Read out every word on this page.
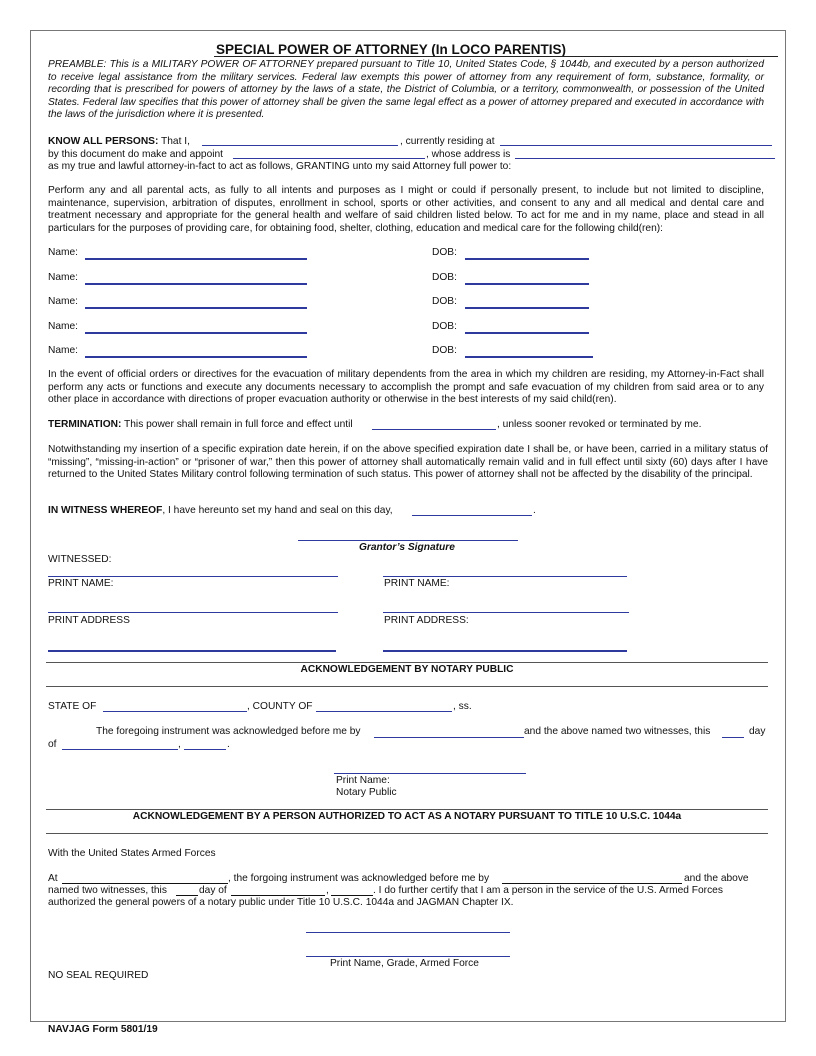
SPECIAL POWER OF ATTORNEY (In LOCO PARENTIS)
PREAMBLE: This is a MILITARY POWER OF ATTORNEY prepared pursuant to Title 10, United States Code, § 1044b, and executed by a person authorized to receive legal assistance from the military services. Federal law exempts this power of attorney from any requirement of form, substance, formality, or recording that is prescribed for powers of attorney by the laws of a state, the District of Columbia, or a territory, commonwealth, or possession of the United States. Federal law specifies that this power of attorney shall be given the same legal effect as a power of attorney prepared and executed in accordance with the laws of the jurisdiction where it is presented.
KNOW ALL PERSONS: That I,	, currently residing at
by this document do make and appoint	, whose address is
as my true and lawful attorney-in-fact to act as follows, GRANTING unto my said Attorney full power to:
Perform any and all parental acts, as fully to all intents and purposes as I might or could if personally present, to include but not limited to discipline, maintenance, supervision, arbitration of disputes, enrollment in school, sports or other activities, and consent to any and all medical and dental care and treatment necessary and appropriate for the general health and welfare of said children listed below. To act for me and in my name, place and stead in all particulars for the purposes of providing care, for obtaining food, shelter, clothing, education and medical care for the following child(ren):
Name:	DOB:
Name:	DOB:
Name:	DOB:
Name:	DOB:
Name:	DOB:
In the event of official orders or directives for the evacuation of military dependents from the area in which my children are residing, my Attorney-in-Fact shall perform any acts or functions and execute any documents necessary to accomplish the prompt and safe evacuation of my children from said area or to any other place in accordance with directions of proper evacuation authority or otherwise in the best interests of my said child(ren).
TERMINATION: This power shall remain in full force and effect until	, unless sooner revoked or terminated by me.
Notwithstanding my insertion of a specific expiration date herein, if on the above specified expiration date I shall be, or have been, carried in a military status of “missing”, “missing-in-action” or “prisoner of war,” then this power of attorney shall automatically remain valid and in full effect until sixty (60) days after I have returned to the United States Military control following termination of such status. This power of attorney shall not be affected by the disability of the principal.
IN WITNESS WHEREOF, I have hereunto set my hand and seal on this day,	.
Grantor’s Signature
WITNESSED:
PRINT NAME:	PRINT NAME:
PRINT ADDRESS	PRINT ADDRESS:
ACKNOWLEDGEMENT BY NOTARY PUBLIC
STATE OF	, COUNTY OF	, ss.
The foregoing instrument was acknowledged before me by	and the above named two witnesses, this	day
of	,	.
Print Name:
Notary Public
ACKNOWLEDGEMENT BY A PERSON AUTHORIZED TO ACT AS A NOTARY PURSUANT TO TITLE 10 U.S.C. 1044a
With the United States Armed Forces
At	, the forgoing instrument was acknowledged before me by	and the above
named two witnesses, this	day of	,	. I do further certify that I am a person in the service of the U.S. Armed Forces
authorized the general powers of a notary public under Title 10 U.S.C. 1044a and JAGMAN Chapter IX.
Print Name, Grade, Armed Force
NO SEAL REQUIRED
NAVJAG Form 5801/19
